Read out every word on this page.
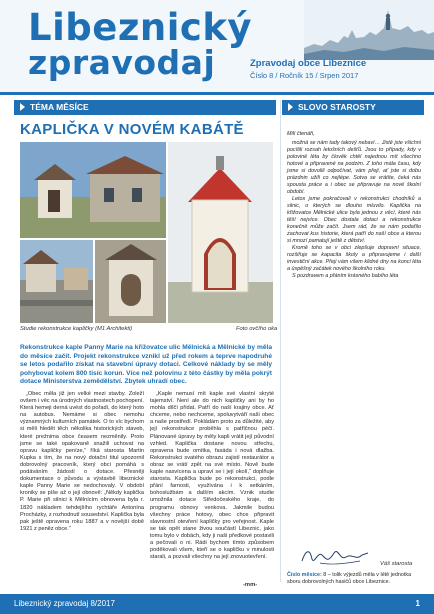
Libeznický
zpravodaj	Zpravodaj obce Libeznice
Číslo 8 / Ročník 15 / Srpen 2017
TÉMA MĚSÍCE
KAPLIČKA V NOVÉM KABÁTĚ
Studie rekonstrukce kapličky (M1 Architekti)	Foto ovčího oka
Rekonstrukce kaple Panny Marie na křižovatce ulic Mělnická a Mělnické by měla do měsíce začít. Projekt rekonstrukce vznikl už před rokem a teprve napodruhé se letos podařilo získat na stavební úpravy dotaci. Celkové náklady by se měly pohybovat kolem 800 tisíc korun. Více než polovinu z této částky by měla pokrýt dotace Ministerstva zemědělství. Zbytek uhradí obec.

„Obec měla již jen velké mezi stavby. Zoleží ovšem i věc na úrodných vlastnostech pochopení. Která hemeji derná uvést do pořadí, do který hoto na autobus. Nemáme si obec nemohu významných kulturních památek. O to víc bychom si měli hledět těch několika historických staveb, které prežnima obce čeasem nezměnily. Proto jsme se také opakovaně snažili uchovat na opravu kapličky peníze,“ říká starosta Martin Kupka s tím, že na nový dotační titul upozornil dobrovolný pracovník, který obci pomáhá s podáváním žádostí o dotace. Přesněji dokumentace o původu a výstavbě libeznické kaple Panny Marie se nedochovaly. V období kroniky se píše až o její obnově: „Někdy kaplička P. Marie při silnici k Mělnícím obnovena byla r. 1820 nákladem tehdejšího rychtáře Antonína Procházky, z rozhodnutí sousedství. Kaplička byla pak ještě opravena roku 1887 a v novější době 1921 z peněz obce.“

„Kaple nemusí mít kaple své vlastní skryté tajemství. Není ale do nich kapličky ani by ho mohla dílčí přidat. Patří do naší krajiny obce. Ať chceme, nebo nechceme, spoluvytváří naši obec a naše prostředí. Pokládám proto za důležité, aby její rekonstrukce proběhla s patřičnou péčí. Plánované úpravy by měly kapli vrátit její původní vzhled. Kaplička dostane novou střechu, opravena bude omítka, fasáda i nová dlažba. Rekonstrukci svatého obrazu zajistí restaurátor a obraz se vrátí zpět na své místo. Nově bude kaple nasvícena a upraví se i její okolí,“ doplňuje starosta. Kaplička bude po rekonstrukci, podle přání farnosti, využívána i k setkáním, bohoslužbám a dalším akcím. Vznik studie umožnila dotace Středočeského kraje, do programu obnovy venkova. Jakmile budou všechny práce hotovy, obec chce připravit slavnostní otevření kapličky pro veřejnost. Kaple se tak opět stane živou součástí Libeznic, jako tomu bylo v dobách, kdy ji naši předkové postavili a pečovali o ni. Rádi bychom tímto způsobem poděkovali všem, kteří se o kapličku v minulosti starali, a pozvali všechny na její znovuotevření.

-mm-
SLOVO STAROSTY
Milí čtenáři,

možná se nám tady takový nebaví… Jistě jste všichni pocítili rozsah letošních dešťů. Jsou to případy, kdy v polovině léta by člověk chtěl najednou mít všechno hotové a připravené na podzim. Z toho mála času, kdy jsme si dovolili odpočívat, vám přeji, ať jste si dobu prázdnin užili co nejlépe. Sotva se vrátíte, čeká nás spousta práce a i obec se připravuje na nové školní období.

Letos jsme pokračovali v rekonstrukci chodníků a silnic, o kterých se dlouho mluvilo. Kaplička na křižovatce Mělnické ulice byla jednou z věcí, které nás těší nejvíce. Obec dostala dotaci a rekonstrukce konečně může začít. Jsem rád, že se nám podařilo zachovat kus historie, která patří do naší obce a kterou si mnozí pamatují ještě z dětství.

Kromě toho se v obci zlepšuje dopravní situace, rozšiřuje se kapacita školy a připravujeme i další investiční akce. Přeji vám všem klidné dny na konci léta a úspěšný začátek nového školního roku.

S pozdravem a přáním krásného babího léta

Váš starosta
Číslo měsíce: 8 – tolik výjezdů měla v létě jednotka sboru dobrovolných hasičů obce Libeznice.
Libeznický zpravodaj 8/2017	1
